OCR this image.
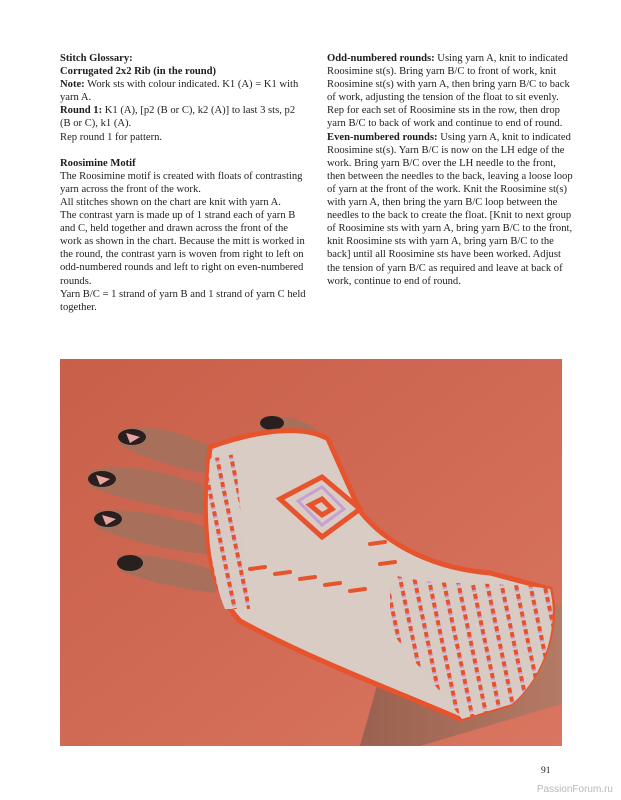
Stitch Glossary:

Corrugated 2x2 Rib (in the round)

Note: Work sts with colour indicated. K1 (A) = K1 with yarn A.

Round 1: K1 (A), [p2 (B or C), k2 (A)] to last 3 sts, p2 (B or C), k1 (A).

Rep round 1 for pattern.

Roosimine Motif

The Roosimine motif is created with floats of contrasting yarn across the front of the work.

All stitches shown on the chart are knit with yarn A.

The contrast yarn is made up of 1 strand each of yarn B and C, held together and drawn across the front of the work as shown in the chart. Because the mitt is worked in the round, the contrast yarn is woven from right to left on odd-numbered rounds and left to right on even-numbered rounds.

Yarn B/C = 1 strand of yarn B and 1 strand of yarn C held together.

Odd-numbered rounds: Using yarn A, knit to indicated Roosimine st(s). Bring yarn B/C to front of work, knit Roosimine st(s) with yarn A, then bring yarn B/C to back of work, adjusting the tension of the float to sit evenly. Rep for each set of Roosimine sts in the row, then drop yarn B/C to back of work and continue to end of round.

Even-numbered rounds: Using yarn A, knit to indicated Roosimine st(s). Yarn B/C is now on the LH edge of the work. Bring yarn B/C over the LH needle to the front, then between the needles to the back, leaving a loose loop of yarn at the front of the work. Knit the Roosimine st(s) with yarn A, then bring the yarn B/C loop between the needles to the back to create the float. [Knit to next group of Roosimine sts with yarn A, bring yarn B/C to the front, knit Roosimine sts with yarn A, bring yarn B/C to the back] until all Roosimine sts have been worked. Adjust the tension of yarn B/C as required and leave at back of work, continue to end of round.

91
PassionForum.ru
